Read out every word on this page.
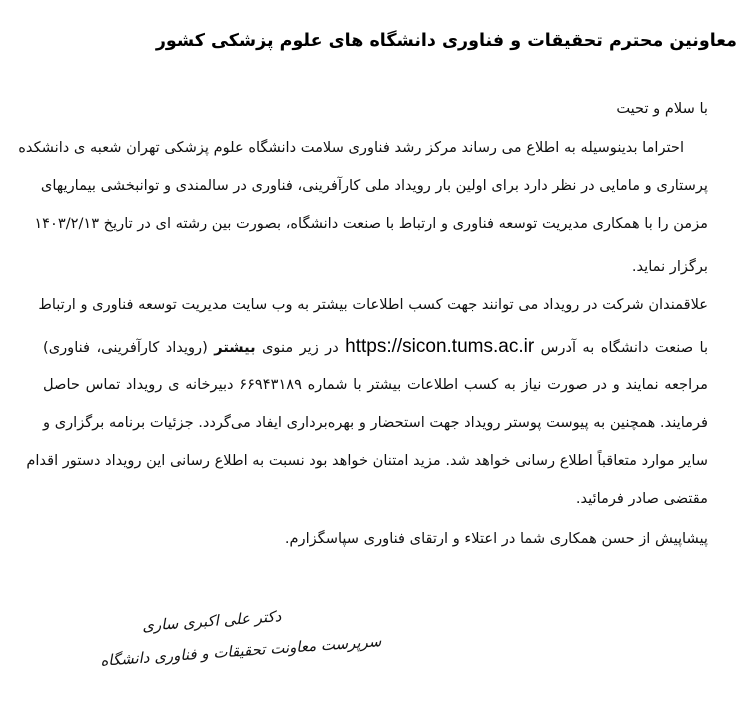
معاونین محترم تحقیقات و فناوری دانشگاه های علوم پزشکی کشور

با سلام و تحیت

احتراما بدینوسیله به اطلاع می رساند مرکز رشد فناوری سلامت دانشگاه علوم پزشکی تهران شعبه ی دانشکده

پرستاری و مامایی در نظر دارد برای اولین بار رویداد ملی کارآفرینی، فناوری در سالمندی و توانبخشی بیماریهای

مزمن را با همکاری مدیریت توسعه فناوری و ارتباط با صنعت دانشگاه، بصورت بین رشته ای در تاریخ ۱۴۰۳/۲/۱۳

برگزار نماید.

علاقمندان شرکت در رویداد می توانند جهت کسب اطلاعات بیشتر به وب سایت مدیریت توسعه فناوری و ارتباط

با صنعت دانشگاه به آدرس https://sicon.tums.ac.ir در زیر منوی بیشتر (رویداد کارآفرینی، فناوری)

مراجعه نمایند و در صورت نیاز به کسب اطلاعات بیشتر با شماره ۶۶۹۴۳۱۸۹ دبیرخانه ی رویداد تماس حاصل

فرمایند. همچنین به پیوست پوستر رویداد جهت استحضار و بهره‌برداری ایفاد می‌گردد. جزئیات برنامه برگزاری و

سایر موارد متعاقباً اطلاع رسانی خواهد شد. مزید امتنان خواهد بود نسبت به اطلاع رسانی این رویداد دستور اقدام

مقتضی صادر فرمائید.

پیشاپیش از حسن همکاری شما در اعتلاء و ارتقای فناوری سپاسگزارم.

دکتر علی اکبری ساری
سرپرست معاونت تحقیقات و فناوری دانشگاه
